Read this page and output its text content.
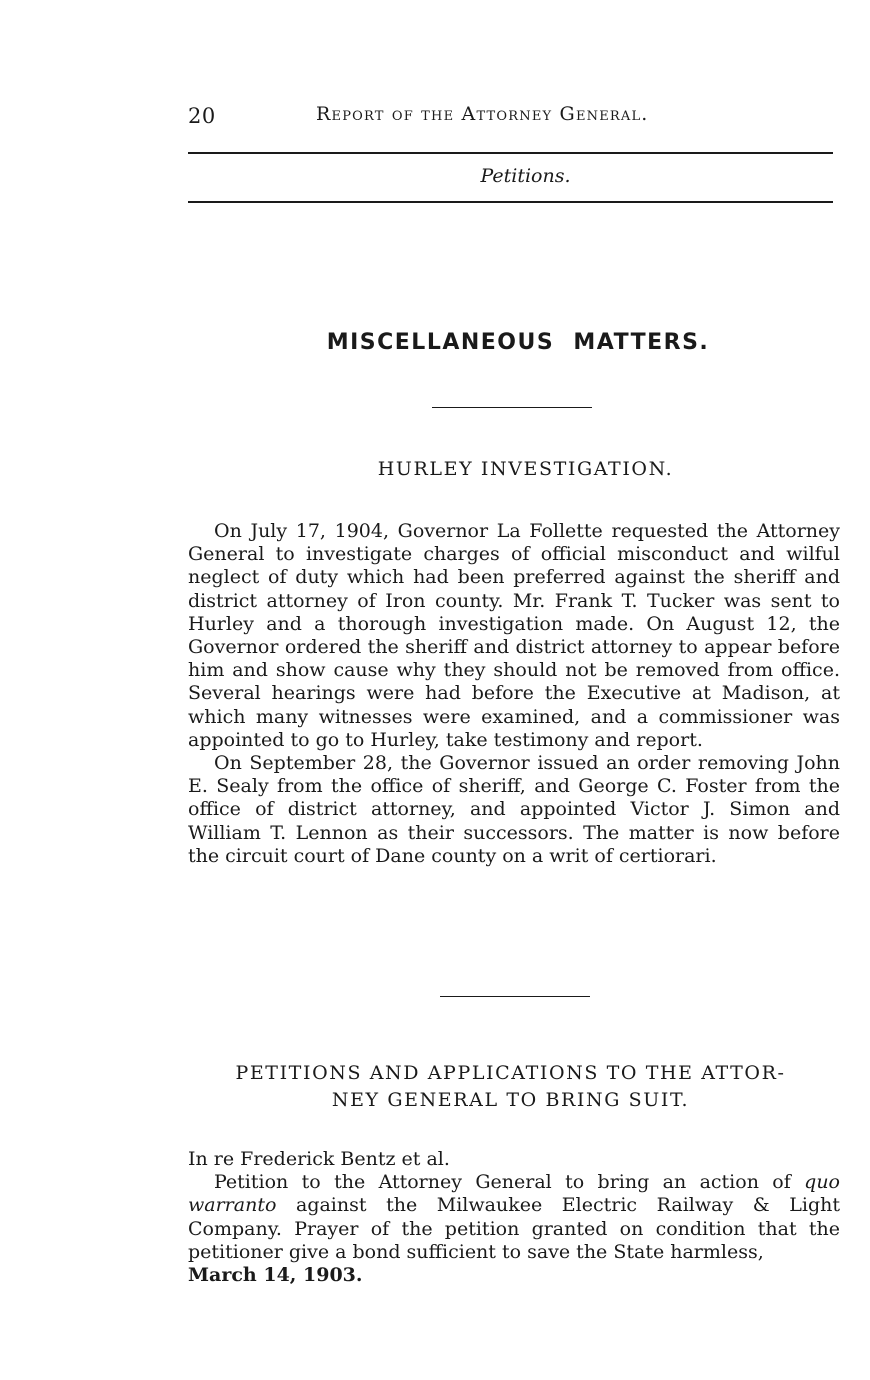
20	Report of the Attorney General.
Petitions.
MISCELLANEOUS MATTERS.
HURLEY INVESTIGATION.

On July 17, 1904, Governor La Follette requested the Attorney General to investigate charges of official misconduct and wilful neglect of duty which had been preferred against the sheriff and district attorney of Iron county. Mr. Frank T. Tucker was sent to Hurley and a thorough investigation made. On August 12, the Governor ordered the sheriff and district attorney to appear before him and show cause why they should not be removed from office. Several hearings were had before the Executive at Madison, at which many witnesses were examined, and a commissioner was appointed to go to Hurley, take testimony and report.

On September 28, the Governor issued an order removing John E. Sealy from the office of sheriff, and George C. Foster from the office of district attorney, and appointed Victor J. Simon and William T. Lennon as their successors. The matter is now before the circuit court of Dane county on a writ of certiorari.

PETITIONS AND APPLICATIONS TO THE ATTOR-
NEY GENERAL TO BRING SUIT.

In re Frederick Bentz et al.

Petition to the Attorney General to bring an action of quo warranto against the Milwaukee Electric Railway & Light Company. Prayer of the petition granted on condition that the petitioner give a bond sufficient to save the State harmless,

March 14, 1903.
